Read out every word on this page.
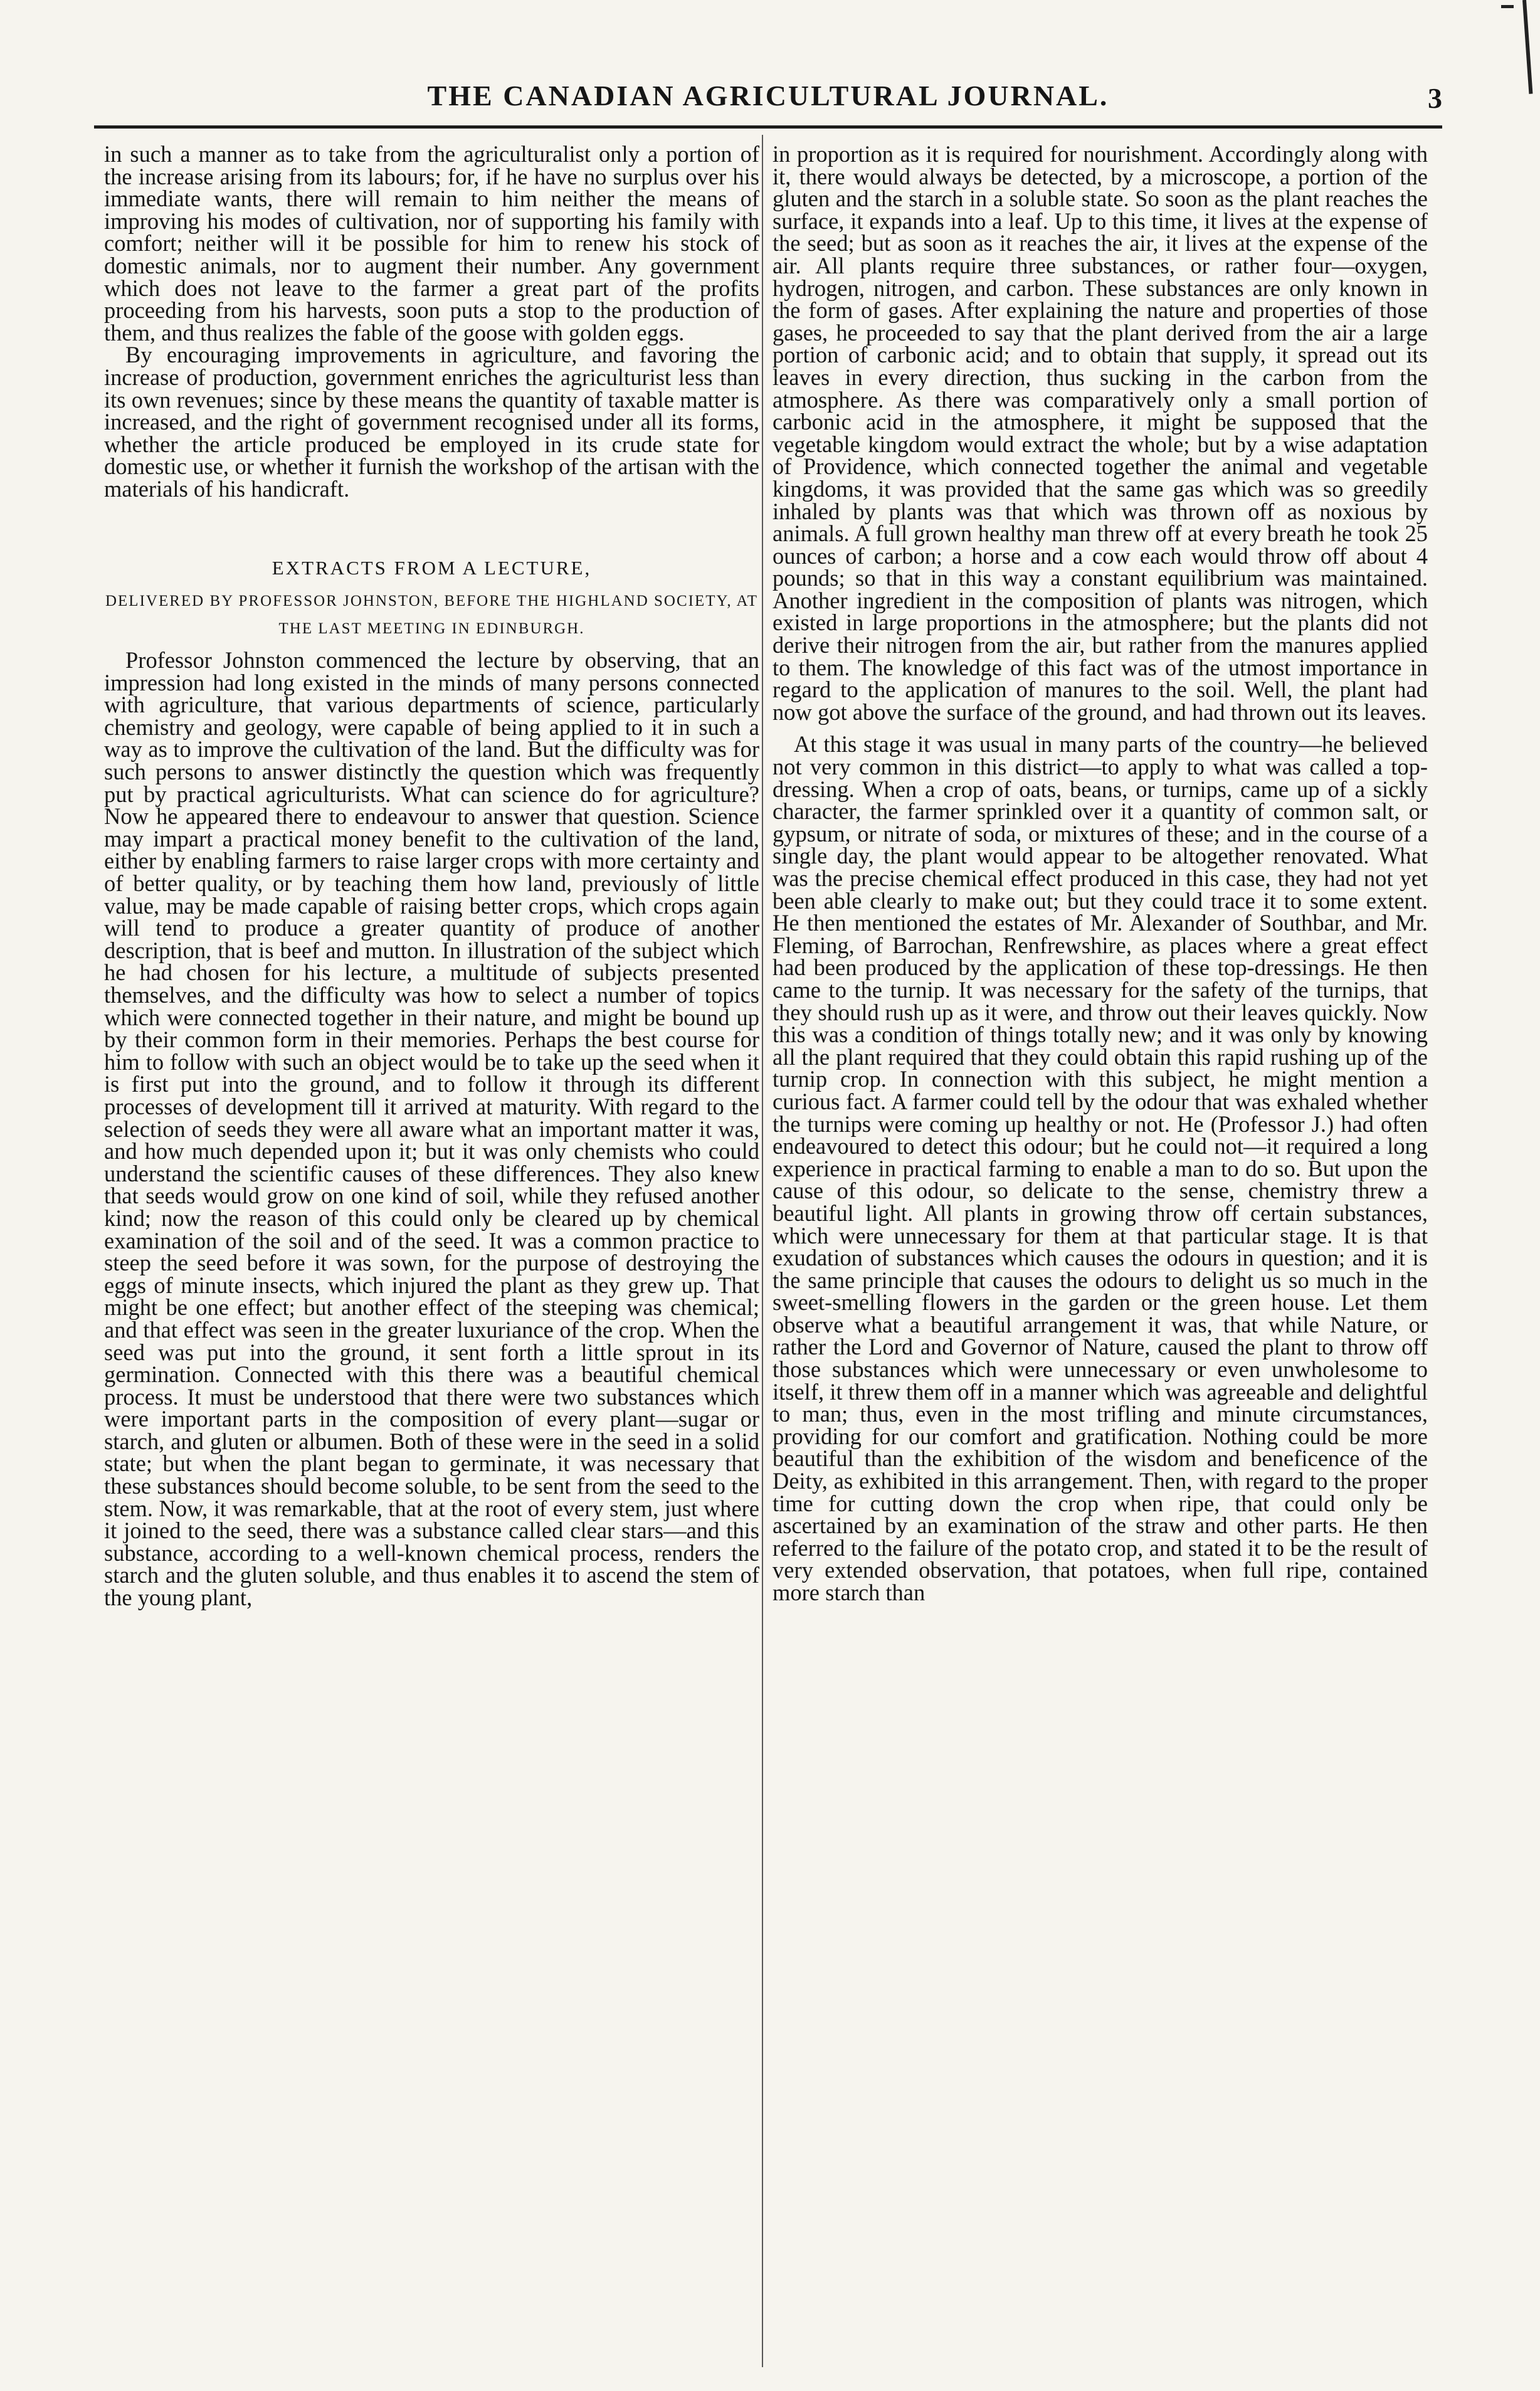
THE CANADIAN AGRICULTURAL JOURNAL.	3

in such a manner as to take from the agriculturalist only a portion of the increase arising from its labours; for, if he have no surplus over his immediate wants, there will remain to him neither the means of improving his modes of cultivation, nor of supporting his family with comfort; neither will it be possible for him to renew his stock of domestic animals, nor to augment their number. Any government which does not leave to the farmer a great part of the profits proceeding from his harvests, soon puts a stop to the production of them, and thus realizes the fable of the goose with golden eggs.

By encouraging improvements in agriculture, and favoring the increase of production, government enriches the agriculturist less than its own revenues; since by these means the quantity of taxable matter is increased, and the right of government recognised under all its forms, whether the article produced be employed in its crude state for domestic use, or whether it furnish the workshop of the artisan with the materials of his handicraft.

EXTRACTS FROM A LECTURE,
DELIVERED BY PROFESSOR JOHNSTON, BEFORE THE HIGHLAND SOCIETY, AT THE LAST MEETING IN EDINBURGH.

Professor Johnston commenced the lecture by observing, that an impression had long existed in the minds of many persons connected with agriculture, that various departments of science, particularly chemistry and geology, were capable of being applied to it in such a way as to improve the cultivation of the land. But the difficulty was for such persons to answer distinctly the question which was frequently put by practical agriculturists. What can science do for agriculture? Now he appeared there to endeavour to answer that question. Science may impart a practical money benefit to the cultivation of the land, either by enabling farmers to raise larger crops with more certainty and of better quality, or by teaching them how land, previously of little value, may be made capable of raising better crops, which crops again will tend to produce a greater quantity of produce of another description, that is beef and mutton. In illustration of the subject which he had chosen for his lecture, a multitude of subjects presented themselves, and the difficulty was how to select a number of topics which were connected together in their nature, and might be bound up by their common form in their memories. Perhaps the best course for him to follow with such an object would be to take up the seed when it is first put into the ground, and to follow it through its different processes of development till it arrived at maturity. With regard to the selection of seeds they were all aware what an important matter it was, and how much depended upon it; but it was only chemists who could understand the scientific causes of these differences. They also knew that seeds would grow on one kind of soil, while they refused another kind; now the reason of this could only be cleared up by chemical examination of the soil and of the seed. It was a common practice to steep the seed before it was sown, for the purpose of destroying the eggs of minute insects, which injured the plant as they grew up. That might be one effect; but another effect of the steeping was chemical; and that effect was seen in the greater luxuriance of the crop. When the seed was put into the ground, it sent forth a little sprout in its germination. Connected with this there was a beautiful chemical process. It must be understood that there were two substances which were important parts in the composition of every plant—sugar or starch, and gluten or albumen. Both of these were in the seed in a solid state; but when the plant began to germinate, it was necessary that these substances should become soluble, to be sent from the seed to the stem. Now, it was remarkable, that at the root of every stem, just where it joined to the seed, there was a substance called clear stars—and this substance, according to a well-known chemical process, renders the starch and the gluten soluble, and thus enables it to ascend the stem of the young plant,

in proportion as it is required for nourishment. Accordingly along with it, there would always be detected, by a microscope, a portion of the gluten and the starch in a soluble state. So soon as the plant reaches the surface, it expands into a leaf. Up to this time, it lives at the expense of the seed; but as soon as it reaches the air, it lives at the expense of the air. All plants require three substances, or rather four—oxygen, hydrogen, nitrogen, and carbon. These substances are only known in the form of gases. After explaining the nature and properties of those gases, he proceeded to say that the plant derived from the air a large portion of carbonic acid; and to obtain that supply, it spread out its leaves in every direction, thus sucking in the carbon from the atmosphere. As there was comparatively only a small portion of carbonic acid in the atmosphere, it might be supposed that the vegetable kingdom would extract the whole; but by a wise adaptation of Providence, which connected together the animal and vegetable kingdoms, it was provided that the same gas which was so greedily inhaled by plants was that which was thrown off as noxious by animals. A full grown healthy man threw off at every breath he took 25 ounces of carbon; a horse and a cow each would throw off about 4 pounds; so that in this way a constant equilibrium was maintained. Another ingredient in the composition of plants was nitrogen, which existed in large proportions in the atmosphere; but the plants did not derive their nitrogen from the air, but rather from the manures applied to them. The knowledge of this fact was of the utmost importance in regard to the application of manures to the soil. Well, the plant had now got above the surface of the ground, and had thrown out its leaves.

At this stage it was usual in many parts of the country—he believed not very common in this district—to apply to what was called a top-dressing. When a crop of oats, beans, or turnips, came up of a sickly character, the farmer sprinkled over it a quantity of common salt, or gypsum, or nitrate of soda, or mixtures of these; and in the course of a single day, the plant would appear to be altogether renovated. What was the precise chemical effect produced in this case, they had not yet been able clearly to make out; but they could trace it to some extent. He then mentioned the estates of Mr. Alexander of Southbar, and Mr. Fleming, of Barrochan, Renfrewshire, as places where a great effect had been produced by the application of these top-dressings. He then came to the turnip. It was necessary for the safety of the turnips, that they should rush up as it were, and throw out their leaves quickly. Now this was a condition of things totally new; and it was only by knowing all the plant required that they could obtain this rapid rushing up of the turnip crop. In connection with this subject, he might mention a curious fact. A farmer could tell by the odour that was exhaled whether the turnips were coming up healthy or not. He (Professor J.) had often endeavoured to detect this odour; but he could not—it required a long experience in practical farming to enable a man to do so. But upon the cause of this odour, so delicate to the sense, chemistry threw a beautiful light. All plants in growing throw off certain substances, which were unnecessary for them at that particular stage. It is that exudation of substances which causes the odours in question; and it is the same principle that causes the odours to delight us so much in the sweet-smelling flowers in the garden or the green house. Let them observe what a beautiful arrangement it was, that while Nature, or rather the Lord and Governor of Nature, caused the plant to throw off those substances which were unnecessary or even unwholesome to itself, it threw them off in a manner which was agreeable and delightful to man; thus, even in the most trifling and minute circumstances, providing for our comfort and gratification. Nothing could be more beautiful than the exhibition of the wisdom and beneficence of the Deity, as exhibited in this arrangement. Then, with regard to the proper time for cutting down the crop when ripe, that could only be ascertained by an examination of the straw and other parts. He then referred to the failure of the potato crop, and stated it to be the result of very extended observation, that potatoes, when full ripe, contained more starch than
